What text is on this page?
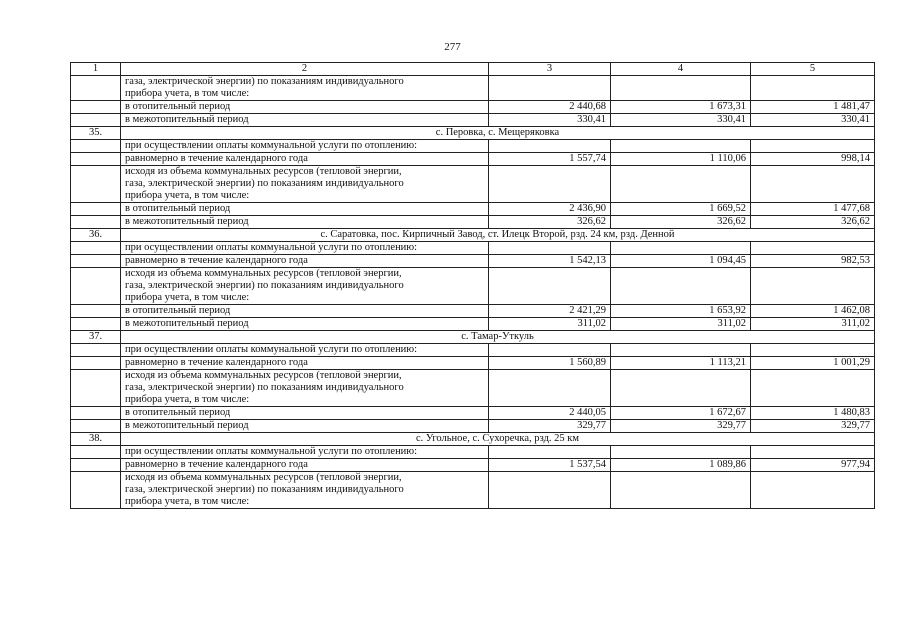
277
1	2	3	4	5

	газа, электрической энергии) по показаниям индивидуального
прибора учета, в том числе:			

	в отопительный период	2 440,68	1 673,31	1 481,47

	в межотопительный период	330,41	330,41	330,41
35.	с. Перовка, с. Мещеряковка			

	при осуществлении оплаты коммунальной услуги по отоплению:			

	равномерно в течение календарного года	1 557,74	1 110,06	998,14

	исходя из объема коммунальных ресурсов (тепловой энергии,
газа, электрической энергии) по показаниям индивидуального
прибора учета, в том числе:			

	в отопительный период	2 436,90	1 669,52	1 477,68

	в межотопительный период	326,62	326,62	326,62
36.	с. Саратовка, пос. Кирпичный Завод, ст. Илецк Второй, рзд. 24 км, рзд. Денной			

	при осуществлении оплаты коммунальной услуги по отоплению:			

	равномерно в течение календарного года	1 542,13	1 094,45	982,53

	исходя из объема коммунальных ресурсов (тепловой энергии,
газа, электрической энергии) по показаниям индивидуального
прибора учета, в том числе:			

	в отопительный период	2 421,29	1 653,92	1 462,08

	в межотопительный период	311,02	311,02	311,02
37.	с. Тамар-Уткуль			

	при осуществлении оплаты коммунальной услуги по отоплению:			

	равномерно в течение календарного года	1 560,89	1 113,21	1 001,29

	исходя из объема коммунальных ресурсов (тепловой энергии,
газа, электрической энергии) по показаниям индивидуального
прибора учета, в том числе:			

	в отопительный период	2 440,05	1 672,67	1 480,83

	в межотопительный период	329,77	329,77	329,77
38.	с. Угольное, с. Сухоречка, рзд. 25 км			

	при осуществлении оплаты коммунальной услуги по отоплению:			

	равномерно в течение календарного года	1 537,54	1 089,86	977,94

	исходя из объема коммунальных ресурсов (тепловой энергии,
газа, электрической энергии) по показаниям индивидуального
прибора учета, в том числе:			
